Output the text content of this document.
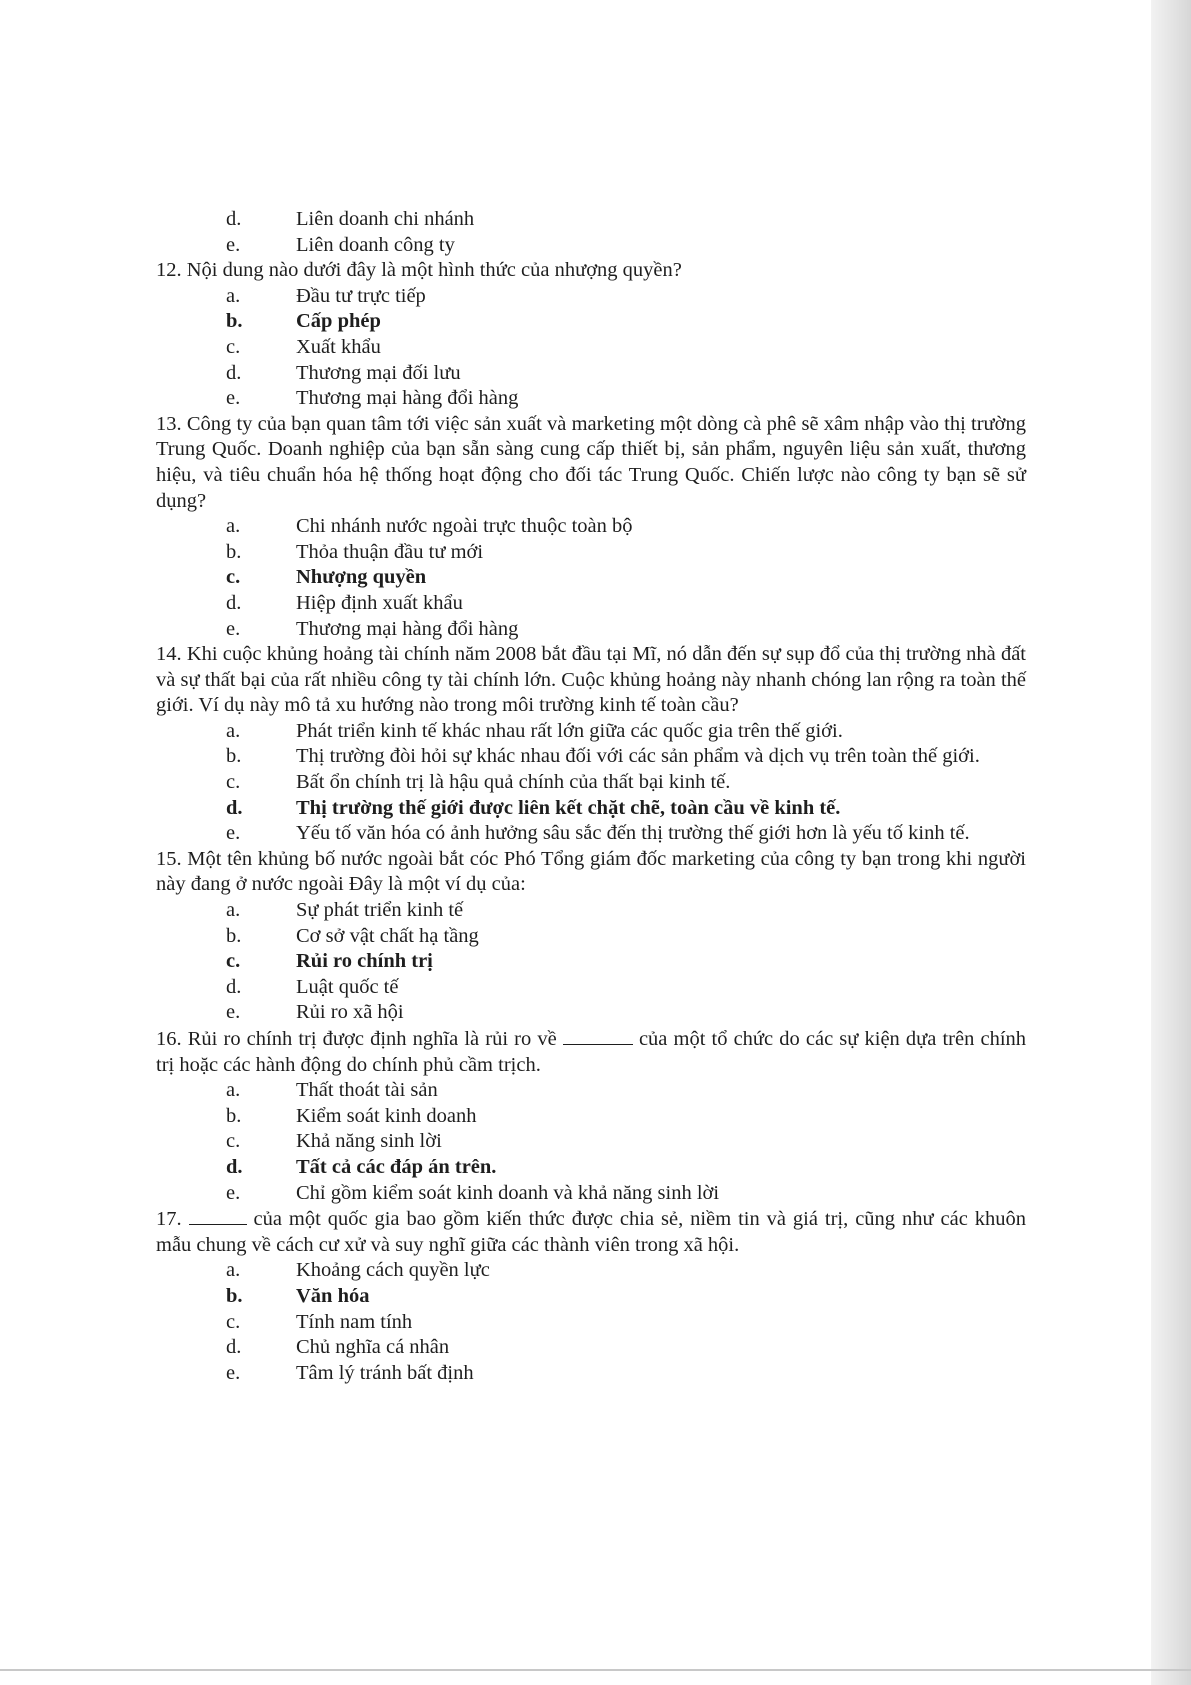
d.	Liên doanh chi nhánh
e.	Liên doanh công ty

12. Nội dung nào dưới đây là một hình thức của nhượng quyền?

a.	Đầu tư trực tiếp
b.	Cấp phép
c.	Xuất khẩu
d.	Thương mại đối lưu
e.	Thương mại hàng đổi hàng

13. Công ty của bạn quan tâm tới việc sản xuất và marketing một dòng cà phê sẽ xâm nhập vào thị trường Trung Quốc. Doanh nghiệp của bạn sẵn sàng cung cấp thiết bị, sản phẩm, nguyên liệu sản xuất, thương hiệu, và tiêu chuẩn hóa hệ thống hoạt động cho đối tác Trung Quốc. Chiến lược nào công ty bạn sẽ sử dụng?

a.	Chi nhánh nước ngoài trực thuộc toàn bộ
b.	Thỏa thuận đầu tư mới
c.	Nhượng quyền
d.	Hiệp định xuất khẩu
e.	Thương mại hàng đổi hàng

14. Khi cuộc khủng hoảng tài chính năm 2008 bắt đầu tại Mĩ, nó dẫn đến sự sụp đổ của thị trường nhà đất và sự thất bại của rất nhiều công ty tài chính lớn. Cuộc khủng hoảng này nhanh chóng lan rộng ra toàn thế giới. Ví dụ này mô tả xu hướng nào trong môi trường kinh tế toàn cầu?

a.	Phát triển kinh tế khác nhau rất lớn giữa các quốc gia trên thế giới.
b.	Thị trường đòi hỏi sự khác nhau đối với các sản phẩm và dịch vụ trên toàn thế giới.
c.	Bất ổn chính trị là hậu quả chính của thất bại kinh tế.
d.	Thị trường thế giới được liên kết chặt chẽ, toàn cầu về kinh tế.
e.	Yếu tố văn hóa có ảnh hưởng sâu sắc đến thị trường thế giới hơn là yếu tố kinh tế.

15. Một tên khủng bố nước ngoài bắt cóc Phó Tổng giám đốc marketing của công ty bạn trong khi người này đang ở nước ngoài Đây là một ví dụ của:

a.	Sự phát triển kinh tế
b.	Cơ sở vật chất hạ tầng
c.	Rủi ro chính trị
d.	Luật quốc tế
e.	Rủi ro xã hội

16. Rủi ro chính trị được định nghĩa là rủi ro về	của một tổ chức do các sự kiện dựa trên chính trị hoặc các hành động do chính phủ cầm trịch.

a.	Thất thoát tài sản
b.	Kiểm soát kinh doanh
c.	Khả năng sinh lời
d.	Tất cả các đáp án trên.
e.	Chỉ gồm kiểm soát kinh doanh và khả năng sinh lời

17.	của một quốc gia bao gồm kiến thức được chia sẻ, niềm tin và giá trị, cũng như các khuôn mẫu chung về cách cư xử và suy nghĩ giữa các thành viên trong xã hội.

a.	Khoảng cách quyền lực
b.	Văn hóa
c.	Tính nam tính
d.	Chủ nghĩa cá nhân
e.	Tâm lý tránh bất định
